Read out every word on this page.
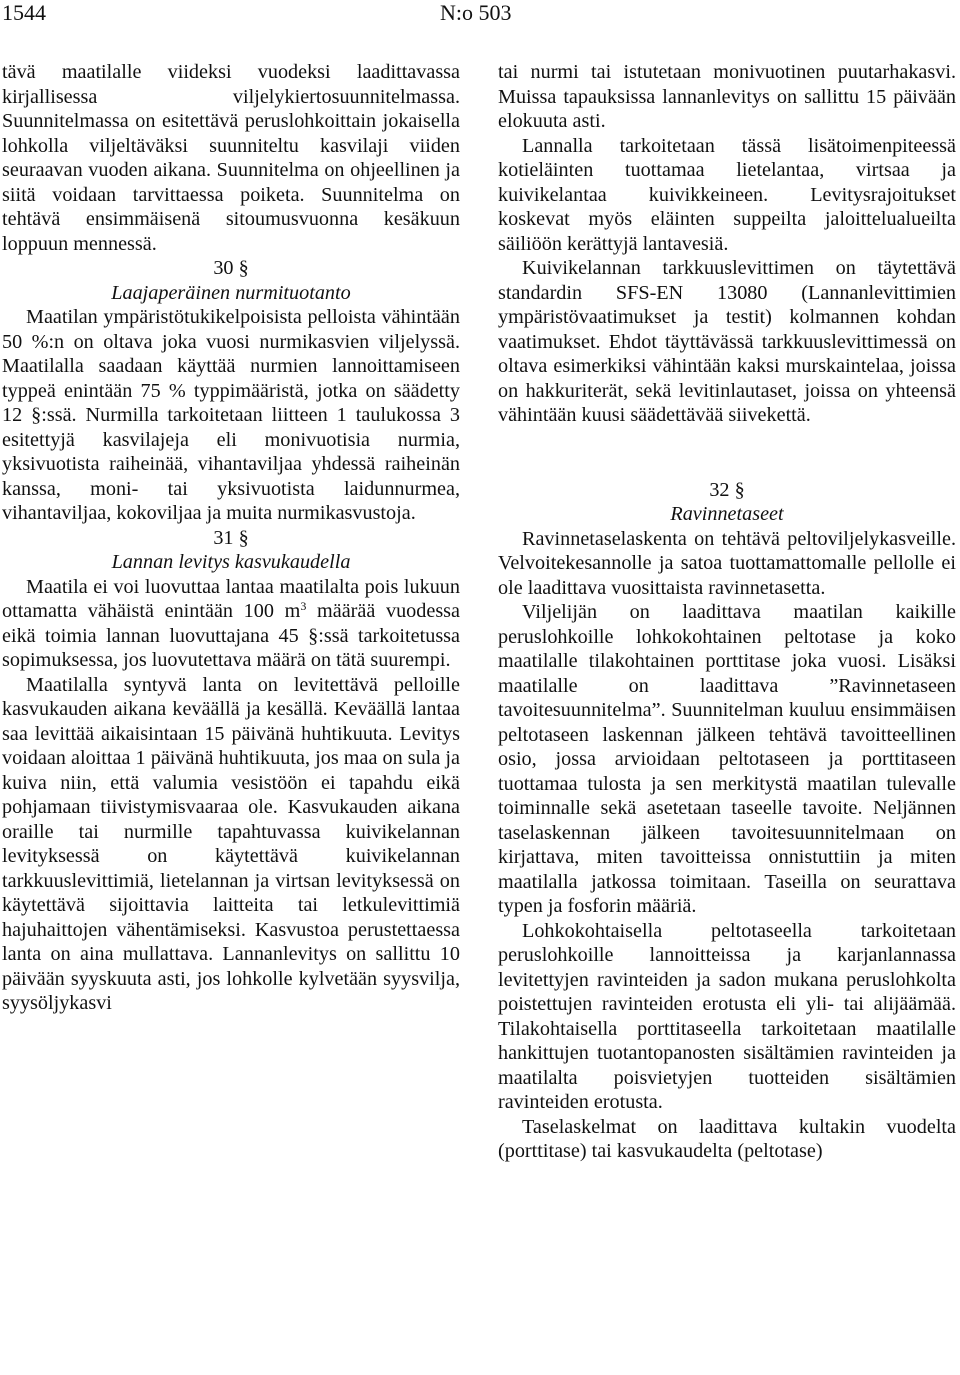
1544	N:o 503

tävä maatilalle viideksi vuodeksi laadittavassa kirjallisessa viljelykiertosuunnitelmassa. Suunnitelmassa on esitettävä peruslohkoittain jokaisella lohkolla viljeltäväksi suunniteltu kasvilaji viiden seuraavan vuoden aikana. Suunnitelma on ohjeellinen ja siitä voidaan tarvittaessa poiketa. Suunnitelma on tehtävä ensimmäisenä sitoumusvuonna kesäkuun loppuun mennessä.

30 §

Laajaperäinen nurmituotanto

Maatilan ympäristötukikelpoisista pelloista vähintään 50 %:n on oltava joka vuosi nurmikasvien viljelyssä. Maatilalla saadaan käyttää nurmien lannoittamiseen typpeä enintään 75 % typpimääristä, jotka on säädetty 12 §:ssä. Nurmilla tarkoitetaan liitteen 1 taulukossa 3 esitettyjä kasvilajeja eli monivuotisia nurmia, yksivuotista raiheinää, vihantaviljaa yhdessä raiheinän kanssa, moni- tai yksivuotista laidunnurmea, vihantaviljaa, kokoviljaa ja muita nurmikasvustoja.

31 §

Lannan levitys kasvukaudella

Maatila ei voi luovuttaa lantaa maatilalta pois lukuun ottamatta vähäistä enintään 100 $m^3$ määrää vuodessa eikä toimia lannan luovuttajana 45 §:ssä tarkoitetussa sopimuksessa, jos luovutettava määrä on tätä suurempi.

Maatilalla syntyvä lanta on levitettävä pelloille kasvukauden aikana keväällä ja kesällä. Keväällä lantaa saa levittää aikaisintaan 15 päivänä huhtikuuta. Levitys voidaan aloittaa 1 päivänä huhtikuuta, jos maa on sula ja kuiva niin, että valumia vesistöön ei tapahdu eikä pohjamaan tiivistymisvaaraa ole. Kasvukauden aikana oraille tai nurmille tapahtuvassa kuivikelannan levityksessä on käytettävä kuivikelannan tarkkuuslevittimiä, lietelannan ja virtsan levityksessä on käytettävä sijoittavia laitteita tai letkulevittimiä hajuhaittojen vähentämiseksi. Kasvustoa perustettaessa lanta on aina mullattava. Lannanlevitys on sallittu 10 päivään syyskuuta asti, jos lohkolle kylvetään syysvilja, syysöljykasvi

tai nurmi tai istutetaan monivuotinen puutarhakasvi. Muissa tapauksissa lannanlevitys on sallittu 15 päivään elokuuta asti.

Lannalla tarkoitetaan tässä lisätoimenpiteessä kotieläinten tuottamaa lietelantaa, virtsaa ja kuivikelantaa kuivikkeineen. Levitysrajoitukset koskevat myös eläinten suppeilta jaloittelualueilta säiliöön kerättyjä lantavesiä.

Kuivikelannan tarkkuuslevittimen on täytettävä standardin SFS-EN 13080 (Lannanlevittimien ympäristövaatimukset ja testit) kolmannen kohdan vaatimukset. Ehdot täyttävässä tarkkuuslevittimessä on oltava esimerkiksi vähintään kaksi murskaintelaa, joissa on hakkuriterät, sekä levitinlautaset, joissa on yhteensä vähintään kuusi säädettävää siivekettä.

32 §

Ravinnetaseet

Ravinnetaselaskenta on tehtävä peltoviljelykasveille. Velvoitekesannolle ja satoa tuottamattomalle pellolle ei ole laadittava vuosittaista ravinnetasetta.

Viljelijän on laadittava maatilan kaikille peruslohkoille lohkokohtainen peltotase ja koko maatilalle tilakohtainen porttitase joka vuosi. Lisäksi maatilalle on laadittava ”Ravinnetaseen tavoitesuunnitelma”. Suunnitelman kuuluu ensimmäisen peltotaseen laskennan jälkeen tehtävä tavoitteellinen osio, jossa arvioidaan peltotaseen ja porttitaseen tuottamaa tulosta ja sen merkitystä maatilan tulevalle toiminnalle sekä asetetaan taseelle tavoite. Neljännen taselaskennan jälkeen tavoitesuunnitelmaan on kirjattava, miten tavoitteissa onnistuttiin ja miten maatilalla jatkossa toimitaan. Taseilla on seurattava typen ja fosforin määriä.

Lohkokohtaisella peltotaseella tarkoitetaan peruslohkoille lannoitteissa ja karjanlannassa levitettyjen ravinteiden ja sadon mukana peruslohkolta poistettujen ravinteiden erotusta eli yli- tai alijäämää. Tilakohtaisella porttitaseella tarkoitetaan maatilalle hankittujen tuotantopanosten sisältämien ravinteiden ja maatilalta poisvietyjen tuotteiden sisältämien ravinteiden erotusta.

Taselaskelmat on laadittava kultakin vuodelta (porttitase) tai kasvukaudelta (peltotase)
